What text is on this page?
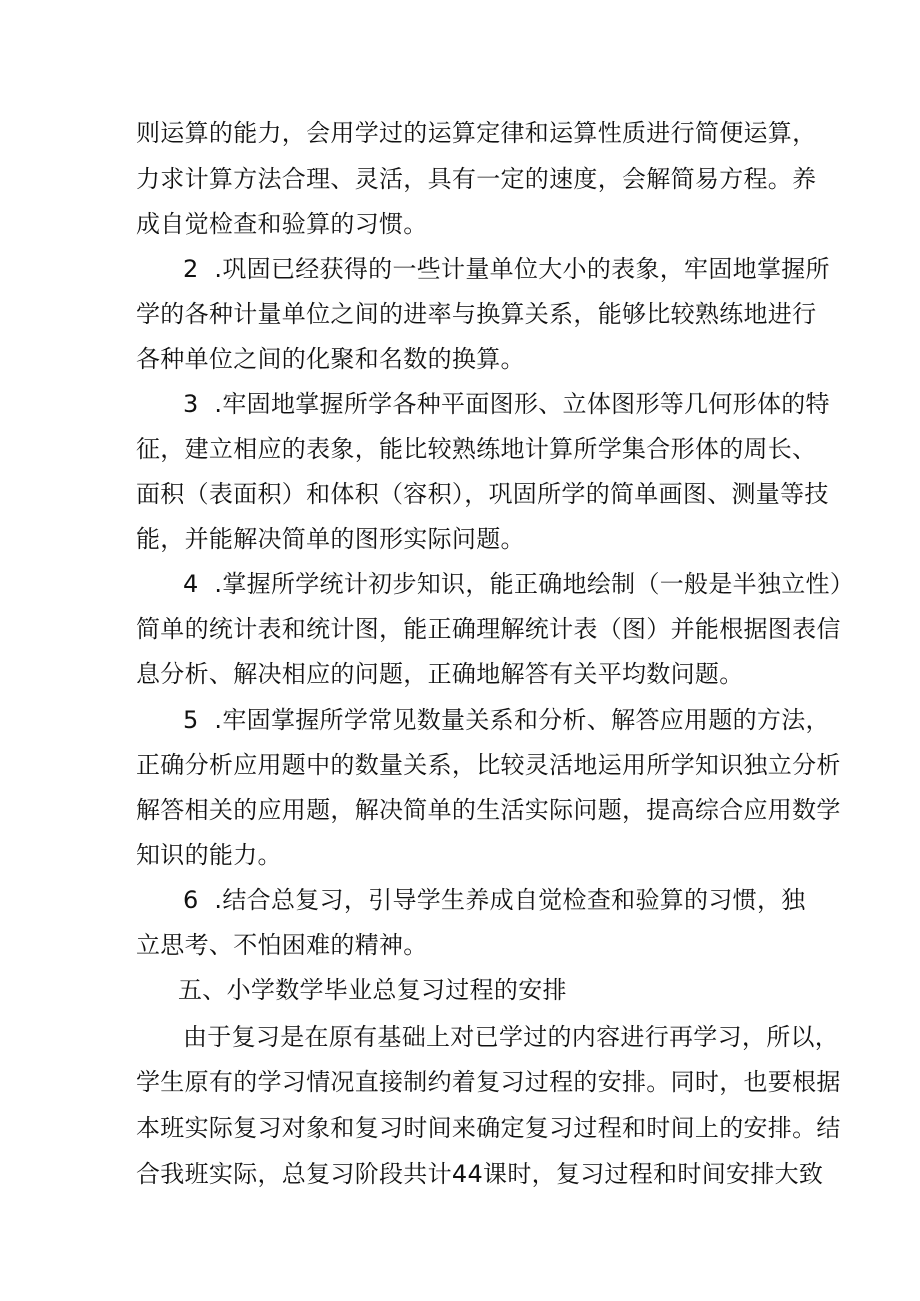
则运算的能力，会用学过的运算定律和运算性质进行简便运算，
力求计算方法合理、灵活，具有一定的速度，会解简易方程。养
成自觉检查和验算的习惯。
2  .巩固已经获得的一些计量单位大小的表象，牢固地掌握所
学的各种计量单位之间的进率与换算关系，能够比较熟练地进行
各种单位之间的化聚和名数的换算。
3  .牢固地掌握所学各种平面图形、立体图形等几何形体的特
征，建立相应的表象，能比较熟练地计算所学集合形体的周长、
面积（表面积）和体积（容积），巩固所学的简单画图、测量等技
能，并能解决简单的图形实际问题。
4  .掌握所学统计初步知识，能正确地绘制（一般是半独立性）
简单的统计表和统计图，能正确理解统计表（图）并能根据图表信
息分析、解决相应的问题，正确地解答有关平均数问题。
5  .牢固掌握所学常见数量关系和分析、解答应用题的方法，
正确分析应用题中的数量关系，比较灵活地运用所学知识独立分析
解答相关的应用题，解决简单的生活实际问题，提高综合应用数学
知识的能力。
6  .结合总复习，引导学生养成自觉检查和验算的习惯，独
立思考、不怕困难的精神。
五、小学数学毕业总复习过程的安排
由于复习是在原有基础上对已学过的内容进行再学习，所以，
学生原有的学习情况直接制约着复习过程的安排。同时，也要根据
本班实际复习对象和复习时间来确定复习过程和时间上的安排。结
合我班实际，总复习阶段共计44课时，复习过程和时间安排大致
